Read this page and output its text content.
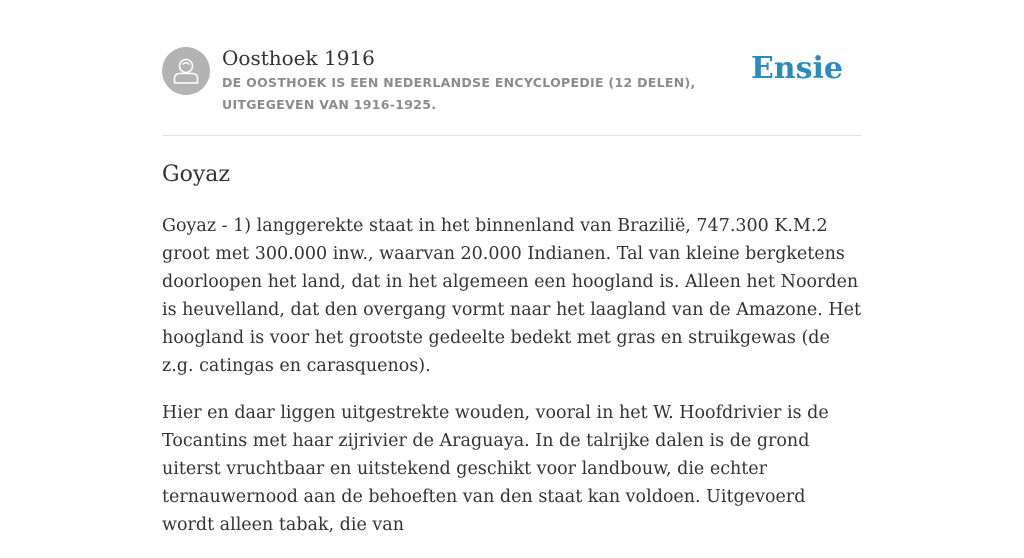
Oosthoek 1916
DE OOSTHOEK IS EEN NEDERLANDSE ENCYCLOPEDIE (12 DELEN), UITGEGEVEN VAN 1916-1925.
Ensie
Goyaz

Goyaz - 1) langgerekte staat in het binnenland van Brazilië, 747.300 K.M.2 groot met 300.000 inw., waarvan 20.000 Indianen. Tal van kleine bergketens doorloopen het land, dat in het algemeen een hoogland is. Alleen het Noorden is heuvelland, dat den overgang vormt naar het laagland van de Amazone. Het hoogland is voor het grootste gedeelte bedekt met gras en struikgewas (de z.g. catingas en carasquenos).

Hier en daar liggen uitgestrekte wouden, vooral in het W. Hoofdrivier is de Tocantins met haar zijrivier de Araguaya. In de talrijke dalen is de grond uiterst vruchtbaar en uitstekend geschikt voor landbouw, die echter ternauwernood aan de behoeften van den staat kan voldoen. Uitgevoerd wordt alleen tabak, die van
